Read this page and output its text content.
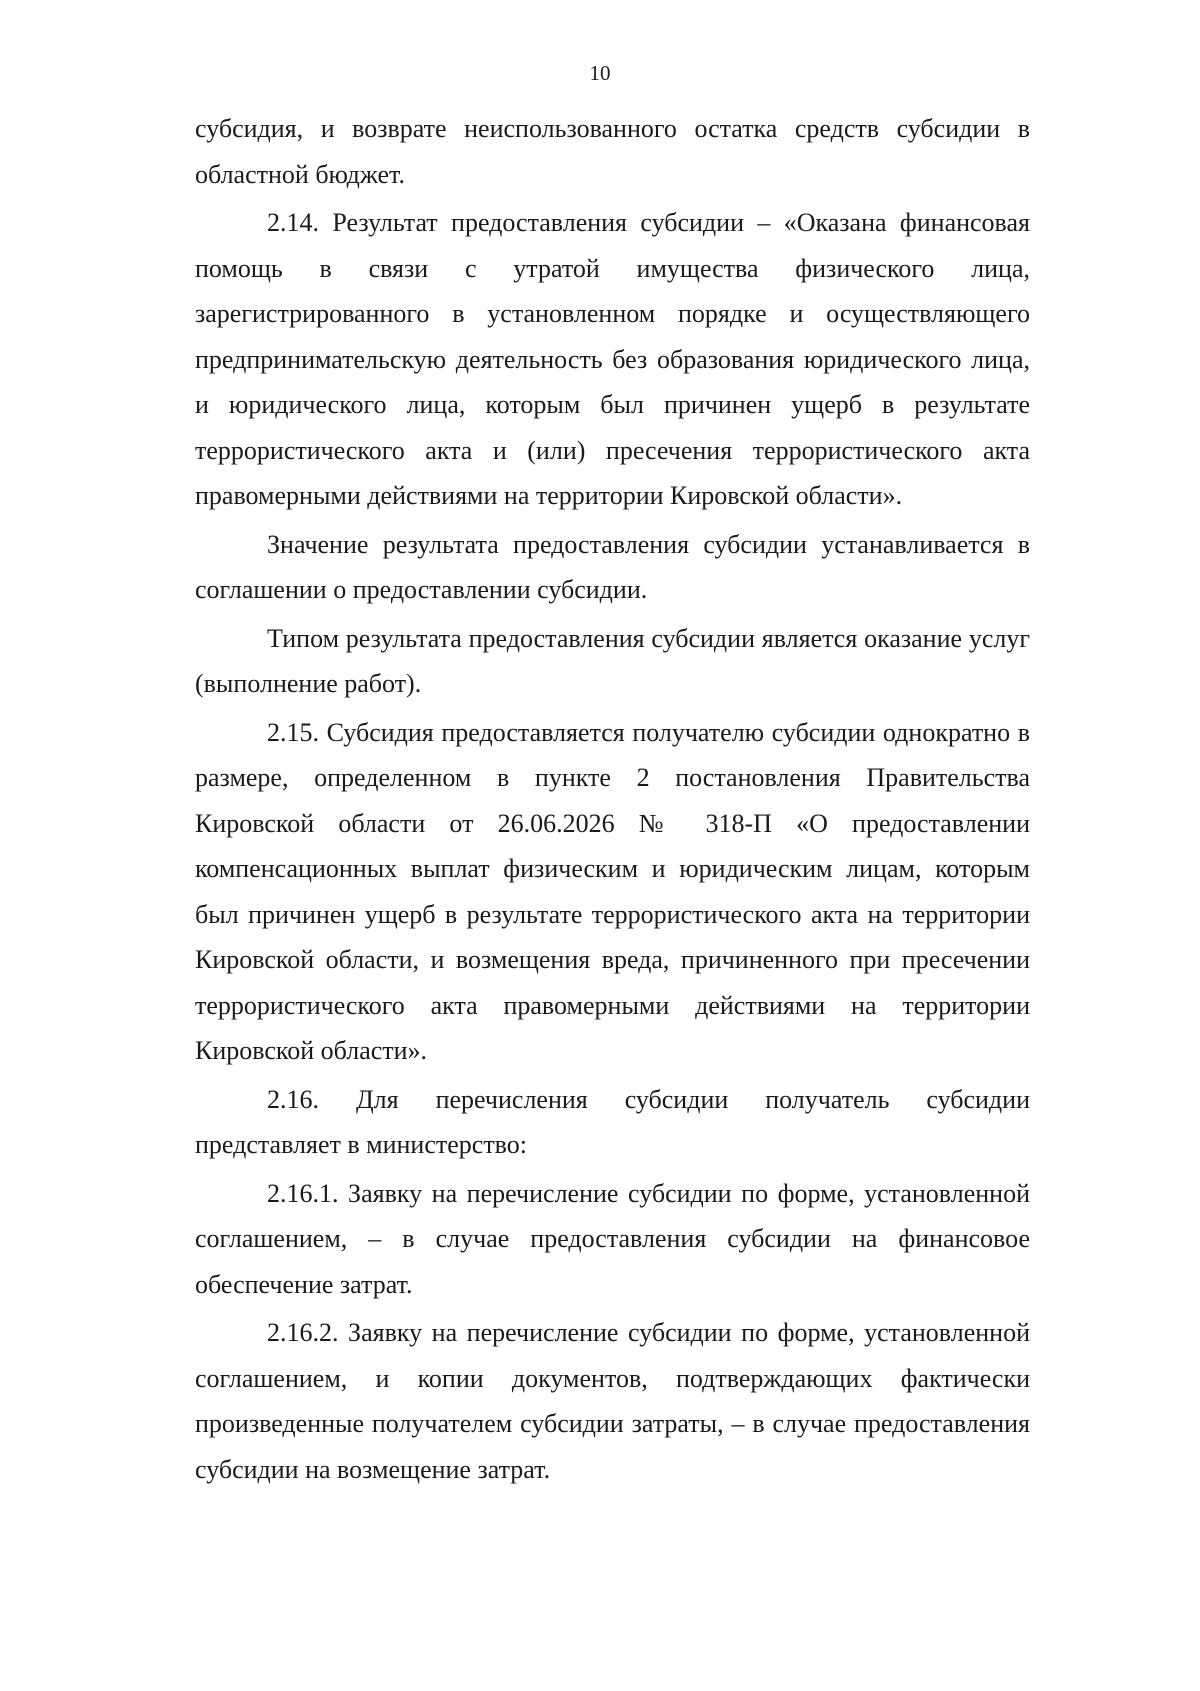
10

субсидия, и возврате неиспользованного остатка средств субсидии в областной бюджет.

2.14. Результат предоставления субсидии – «Оказана финансовая помощь в связи с утратой имущества физического лица, зарегистрированного в установленном порядке и осуществляющего предпринимательскую деятельность без образования юридического лица, и юридического лица, которым был причинен ущерб в результате террористического акта и (или) пресечения террористического акта правомерными действиями на территории Кировской области».

Значение результата предоставления субсидии устанавливается в соглашении о предоставлении субсидии.

Типом результата предоставления субсидии является оказание услуг (выполнение работ).

2.15. Субсидия предоставляется получателю субсидии однократно в размере, определенном в пункте 2 постановления Правительства Кировской области от 26.06.2026 № 318-П «О предоставлении компенсационных выплат физическим и юридическим лицам, которым был причинен ущерб в результате террористического акта на территории Кировской области, и возмещения вреда, причиненного при пресечении террористического акта правомерными действиями на территории Кировской области».

2.16. Для перечисления субсидии получатель субсидии представляет в министерство:

2.16.1. Заявку на перечисление субсидии по форме, установленной соглашением, – в случае предоставления субсидии на финансовое обеспечение затрат.

2.16.2. Заявку на перечисление субсидии по форме, установленной соглашением, и копии документов, подтверждающих фактически произведенные получателем субсидии затраты, – в случае предоставления субсидии на возмещение затрат.
